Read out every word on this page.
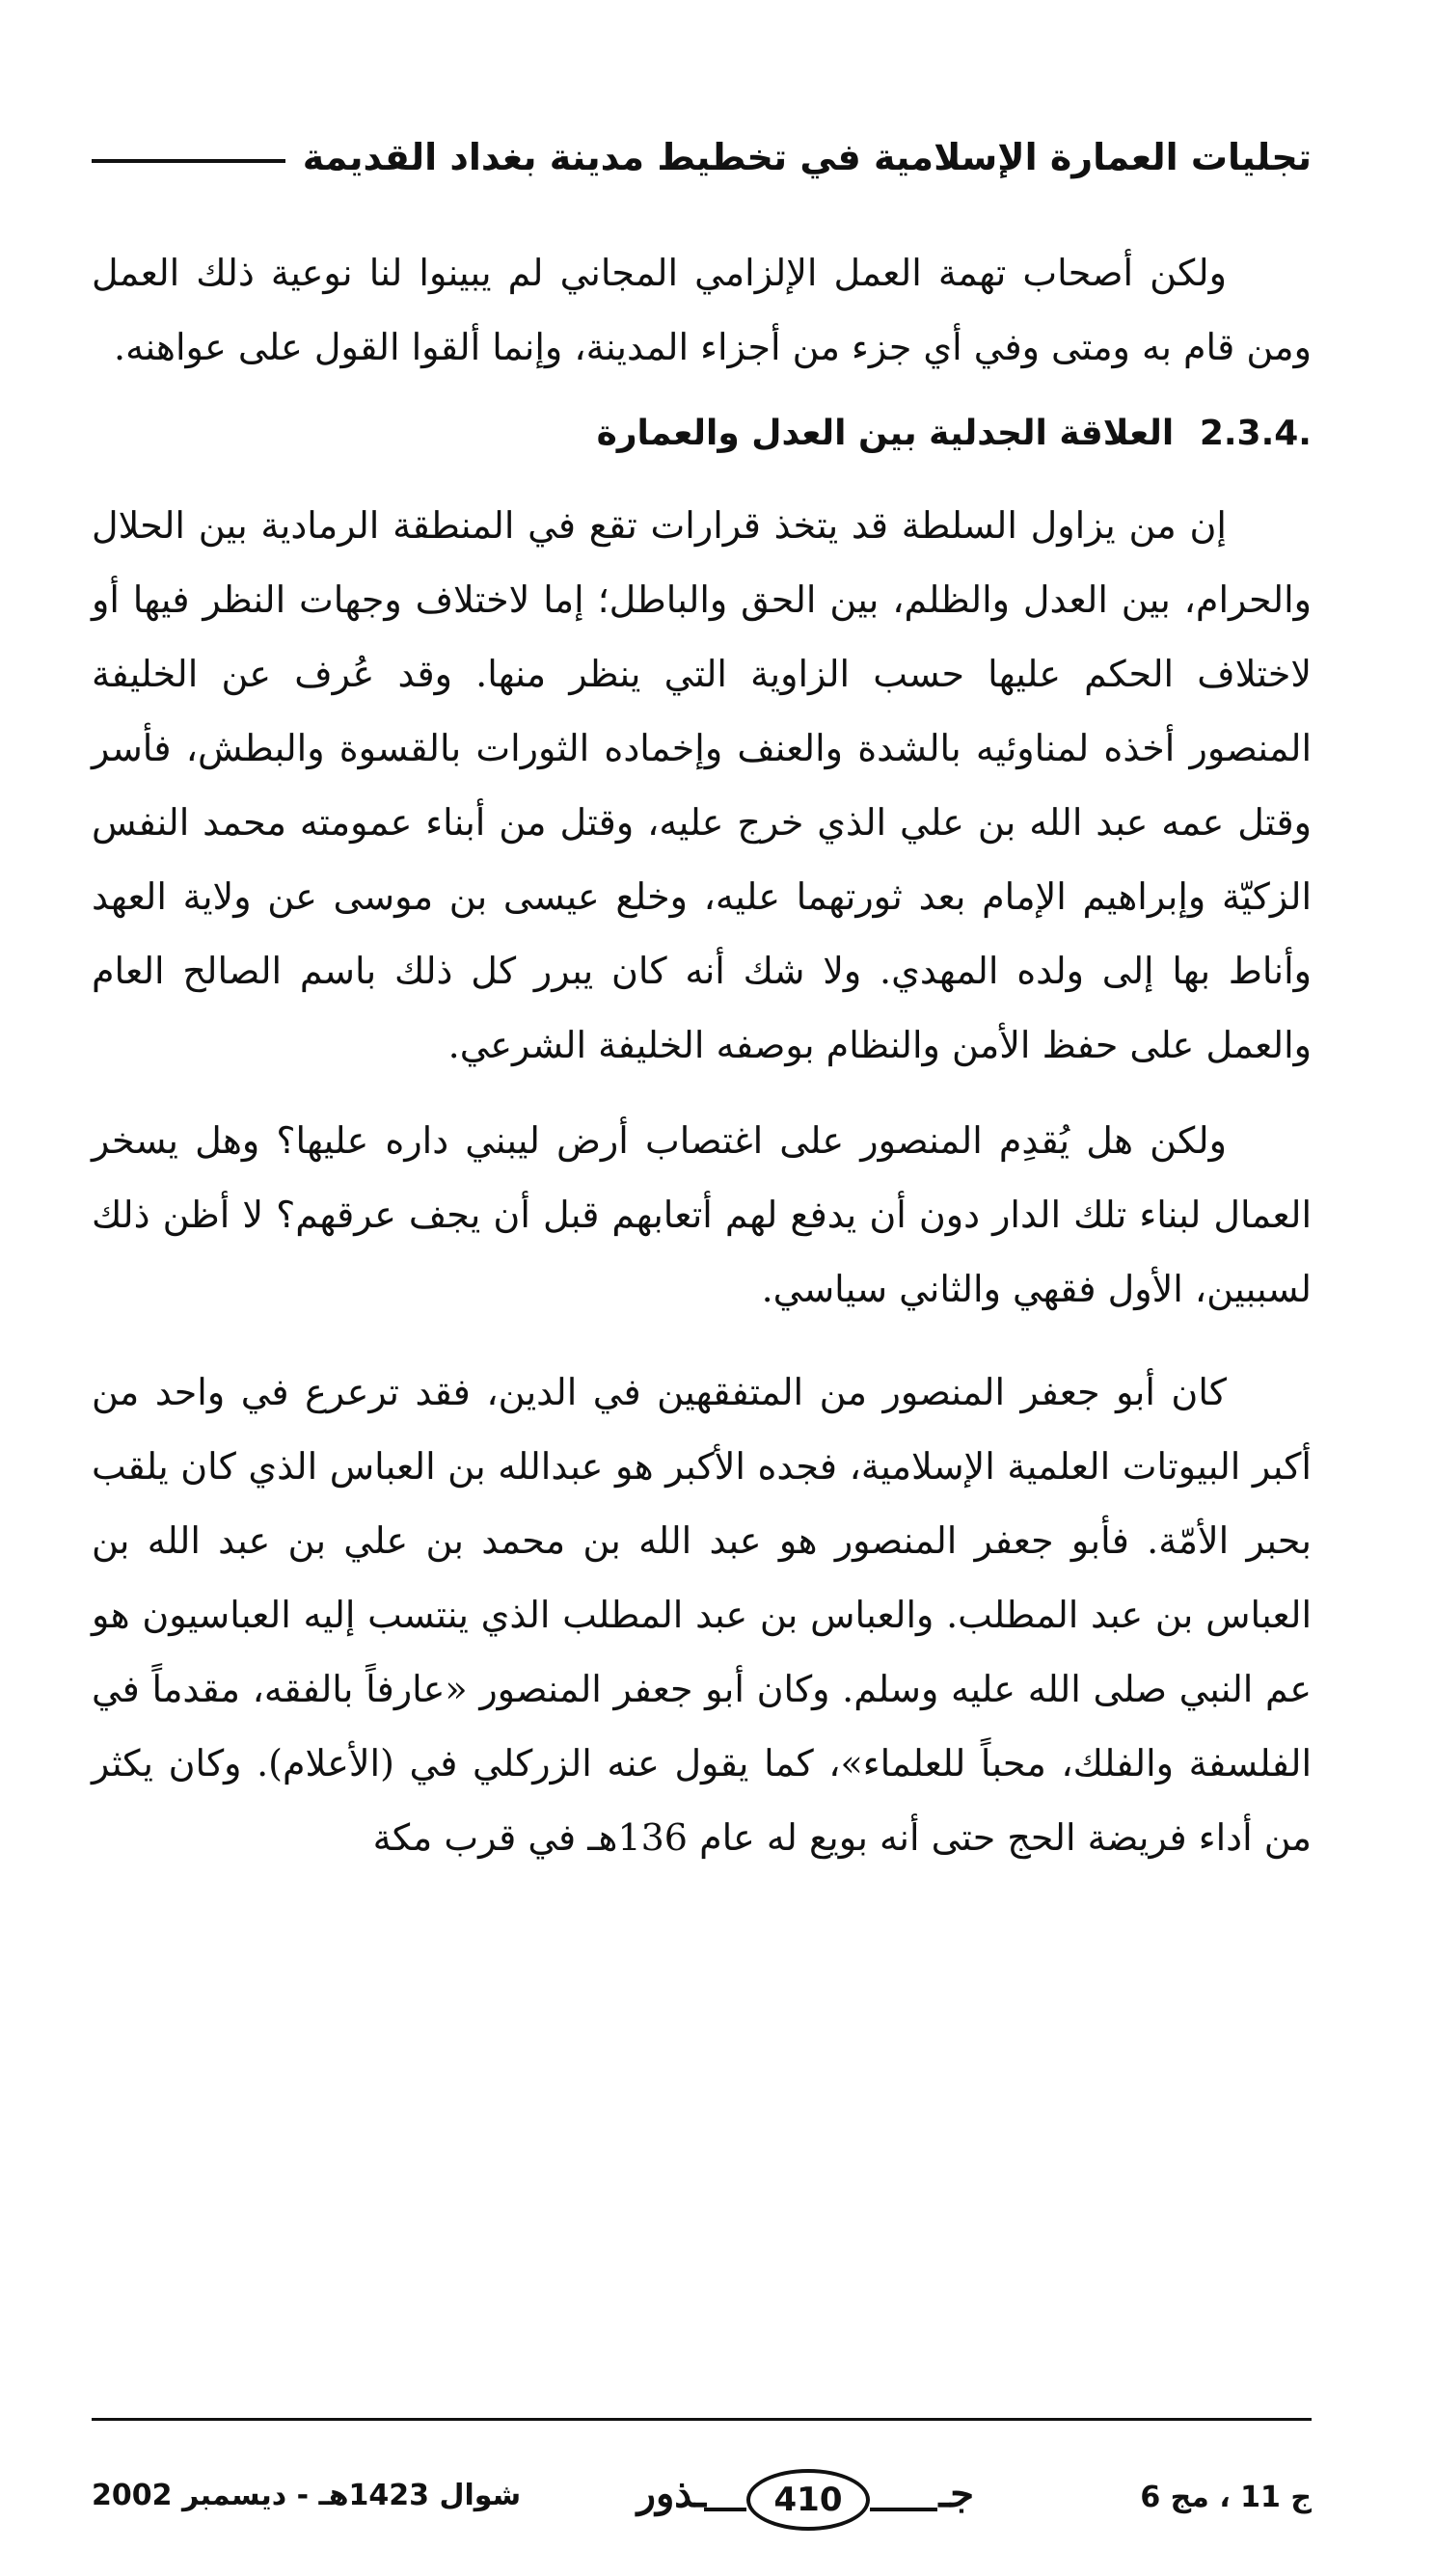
تجليات العمارة الإسلامية في تخطيط مدينة بغداد القديمة

ولكن أصحاب تهمة العمل الإلزامي المجاني لم يبينوا لنا نوعية ذلك العمل ومن قام به ومتى وفي أي جزء من أجزاء المدينة، وإنما ألقوا القول على عواهنه.

2.3.4. العلاقة الجدلية بين العدل والعمارة

إن من يزاول السلطة قد يتخذ قرارات تقع في المنطقة الرمادية بين الحلال والحرام، بين العدل والظلم، بين الحق والباطل؛ إما لاختلاف وجهات النظر فيها أو لاختلاف الحكم عليها حسب الزاوية التي ينظر منها. وقد عُرف عن الخليفة المنصور أخذه لمناوئيه بالشدة والعنف وإخماده الثورات بالقسوة والبطش، فأسر وقتل عمه عبد الله بن علي الذي خرج عليه، وقتل من أبناء عمومته محمد النفس الزكيّة وإبراهيم الإمام بعد ثورتهما عليه، وخلع عيسى بن موسى عن ولاية العهد وأناط بها إلى ولده المهدي. ولا شك أنه كان يبرر كل ذلك باسم الصالح العام والعمل على حفظ الأمن والنظام بوصفه الخليفة الشرعي.

ولكن هل يُقدِم المنصور على اغتصاب أرض ليبني داره عليها؟ وهل يسخر العمال لبناء تلك الدار دون أن يدفع لهم أتعابهم قبل أن يجف عرقهم؟ لا أظن ذلك لسببين، الأول فقهي والثاني سياسي.

كان أبو جعفر المنصور من المتفقهين في الدين، فقد ترعرع في واحد من أكبر البيوتات العلمية الإسلامية، فجده الأكبر هو عبدالله بن العباس الذي كان يلقب بحبر الأمّة. فأبو جعفر المنصور هو عبد الله بن محمد بن علي بن عبد الله بن العباس بن عبد المطلب. والعباس بن عبد المطلب الذي ينتسب إليه العباسيون هو عم النبي صلى الله عليه وسلم. وكان أبو جعفر المنصور «عارفاً بالفقه، مقدماً في الفلسفة والفلك، محباً للعلماء»، كما يقول عنه الزركلي في (الأعلام). وكان يكثر من أداء فريضة الحج حتى أنه بويع له عام 136هـ في قرب مكة

ج 11 ، مج 6
جـ
410
ـذور
شوال 1423هـ - ديسمبر 2002
